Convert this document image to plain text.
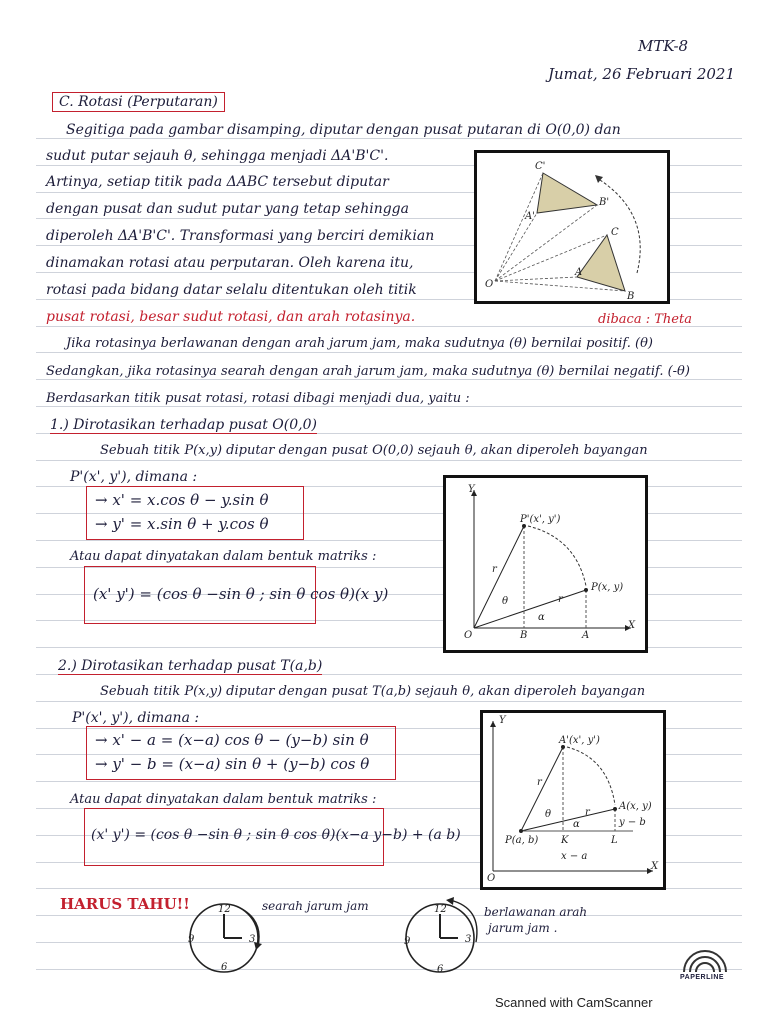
MTK-8
Jumat, 26 Februari 2021
C. Rotasi (Perputaran)
Segitiga pada gambar disamping, diputar dengan pusat putaran di O(0,0) dan
sudut putar sejauh θ, sehingga menjadi ΔA'B'C'.
Artinya, setiap titik pada ΔABC tersebut diputar
dengan pusat dan sudut putar yang tetap sehingga
diperoleh ΔA'B'C'. Transformasi yang berciri demikian
dinamakan rotasi atau perputaran. Oleh karena itu,
rotasi pada bidang datar selalu ditentukan oleh titik
pusat rotasi, besar sudut rotasi, dan arah rotasinya.
O
B
C
A
C'
B'
A'
dibaca : Theta
Jika rotasinya berlawanan dengan arah jarum jam, maka sudutnya (θ) bernilai positif. (θ)
Sedangkan, jika rotasinya searah dengan arah jarum jam, maka sudutnya (θ) bernilai negatif. (-θ)
Berdasarkan titik pusat rotasi, rotasi dibagi menjadi dua, yaitu :
1.) Dirotasikan terhadap pusat O(0,0)
Sebuah titik P(x,y) diputar dengan pusat O(0,0) sejauh θ, akan diperoleh bayangan
P'(x', y'), dimana :
→ x' = x.cos θ − y.sin θ
→ y' = x.sin θ + y.cos θ
Atau dapat dinyatakan dalam bentuk matriks :
(x' y') = (cos θ −sin θ ; sin θ cos θ)(x y)
Y
X
O	B	A
P(x, y)
P'(x', y')
r
r
θ
α
2.) Dirotasikan terhadap pusat T(a,b)
Sebuah titik P(x,y) diputar dengan pusat T(a,b) sejauh θ, akan diperoleh bayangan
P'(x', y'), dimana :
→ x' − a = (x−a) cos θ − (y−b) sin θ
→ y' − b = (x−a) sin θ + (y−b) cos θ
Atau dapat dinyatakan dalam bentuk matriks :
(x' y') = (cos θ −sin θ ; sin θ cos θ)(x−a y−b) + (a b)
Y
X
O
P(a, b) K	L
A(x, y)
A'(x', y')
r
r
θ
α	y − b
x − a
HARUS TAHU!!	12
3
6
9
searah jarum jam	12
3
6
9
berlawanan arah
jarum jam .
PAPERLINE
Scanned with CamScanner
